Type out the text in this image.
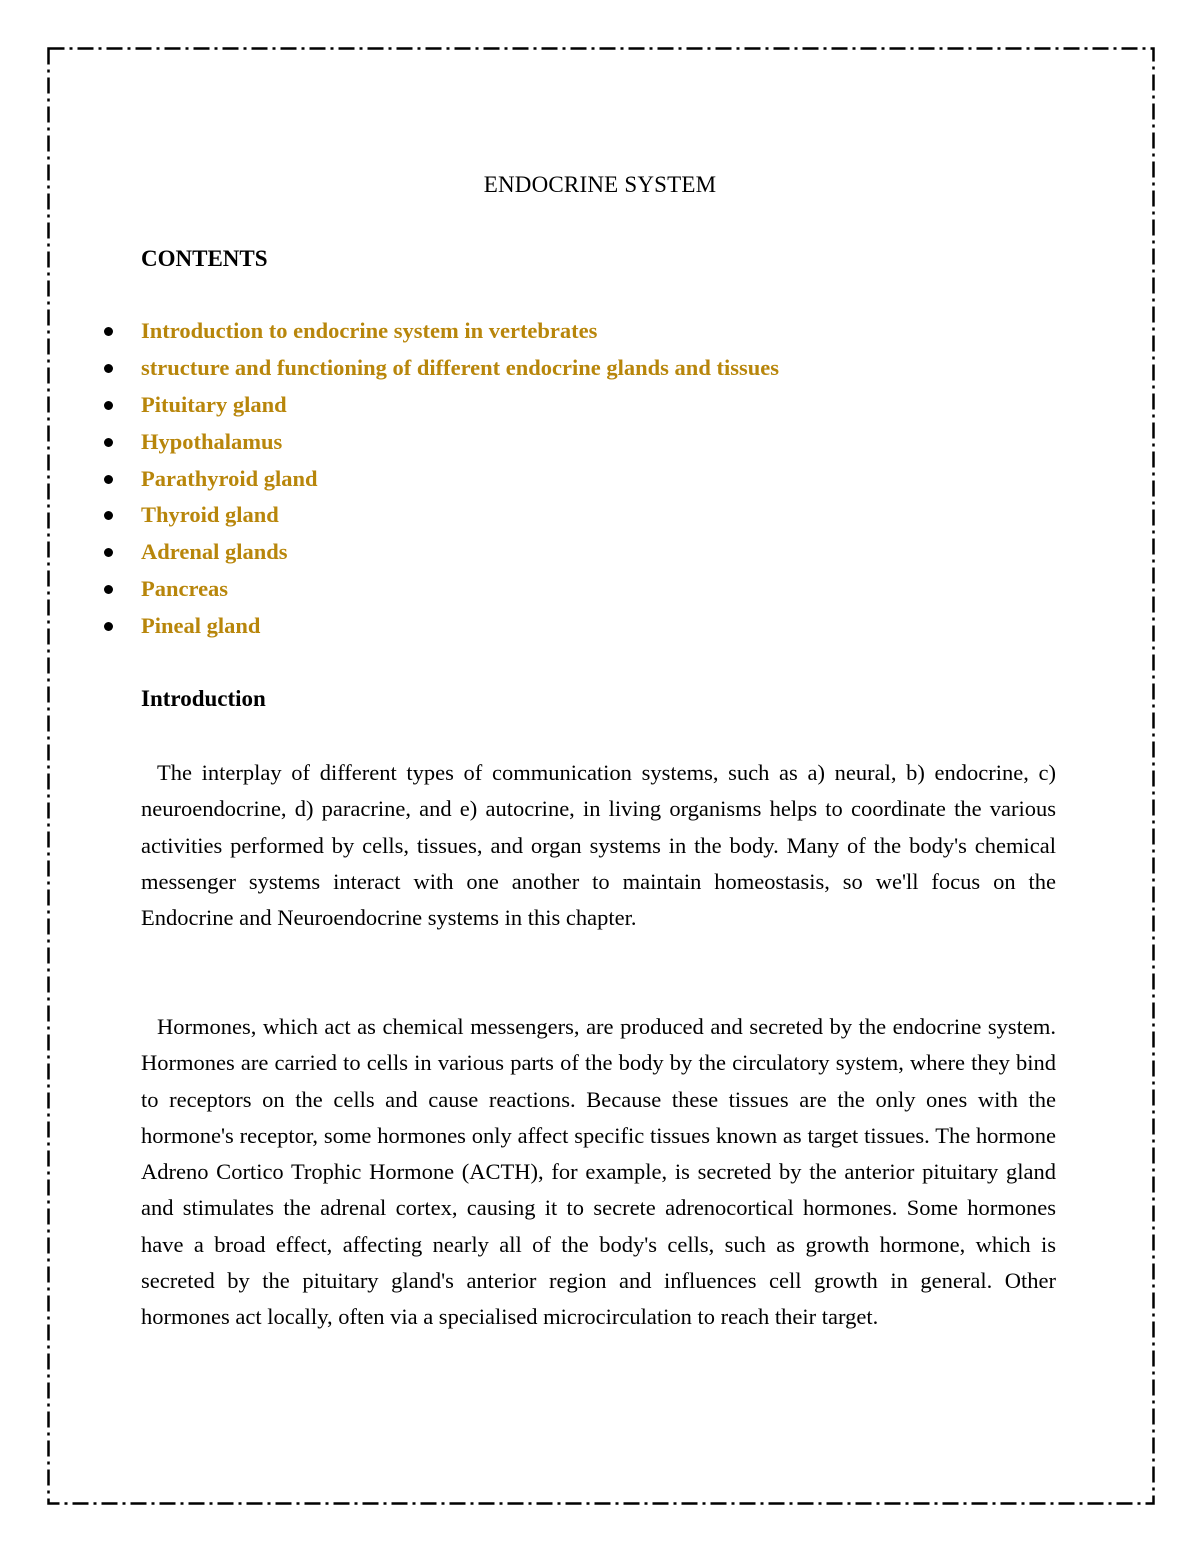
ENDOCRINE SYSTEM
CONTENTS
Introduction to endocrine system in vertebrates
structure and functioning of different endocrine glands and tissues
Pituitary gland
Hypothalamus
Parathyroid gland
Thyroid gland
Adrenal glands
Pancreas
Pineal gland
Introduction

The interplay of different types of communication systems, such as a) neural, b) endocrine, c) neuroendocrine, d) paracrine, and e) autocrine, in living organisms helps to coordinate the various activities performed by cells, tissues, and organ systems in the body. Many of the body's chemical messenger systems interact with one another to maintain homeostasis, so we'll focus on the Endocrine and Neuroendocrine systems in this chapter.

Hormones, which act as chemical messengers, are produced and secreted by the endocrine system. Hormones are carried to cells in various parts of the body by the circulatory system, where they bind to receptors on the cells and cause reactions. Because these tissues are the only ones with the hormone's receptor, some hormones only affect specific tissues known as target tissues. The hormone Adreno Cortico Trophic Hormone (ACTH), for example, is secreted by the anterior pituitary gland and stimulates the adrenal cortex, causing it to secrete adrenocortical hormones. Some hormones have a broad effect, affecting nearly all of the body's cells, such as growth hormone, which is secreted by the pituitary gland's anterior region and influences cell growth in general. Other hormones act locally, often via a specialised microcirculation to reach their target.
